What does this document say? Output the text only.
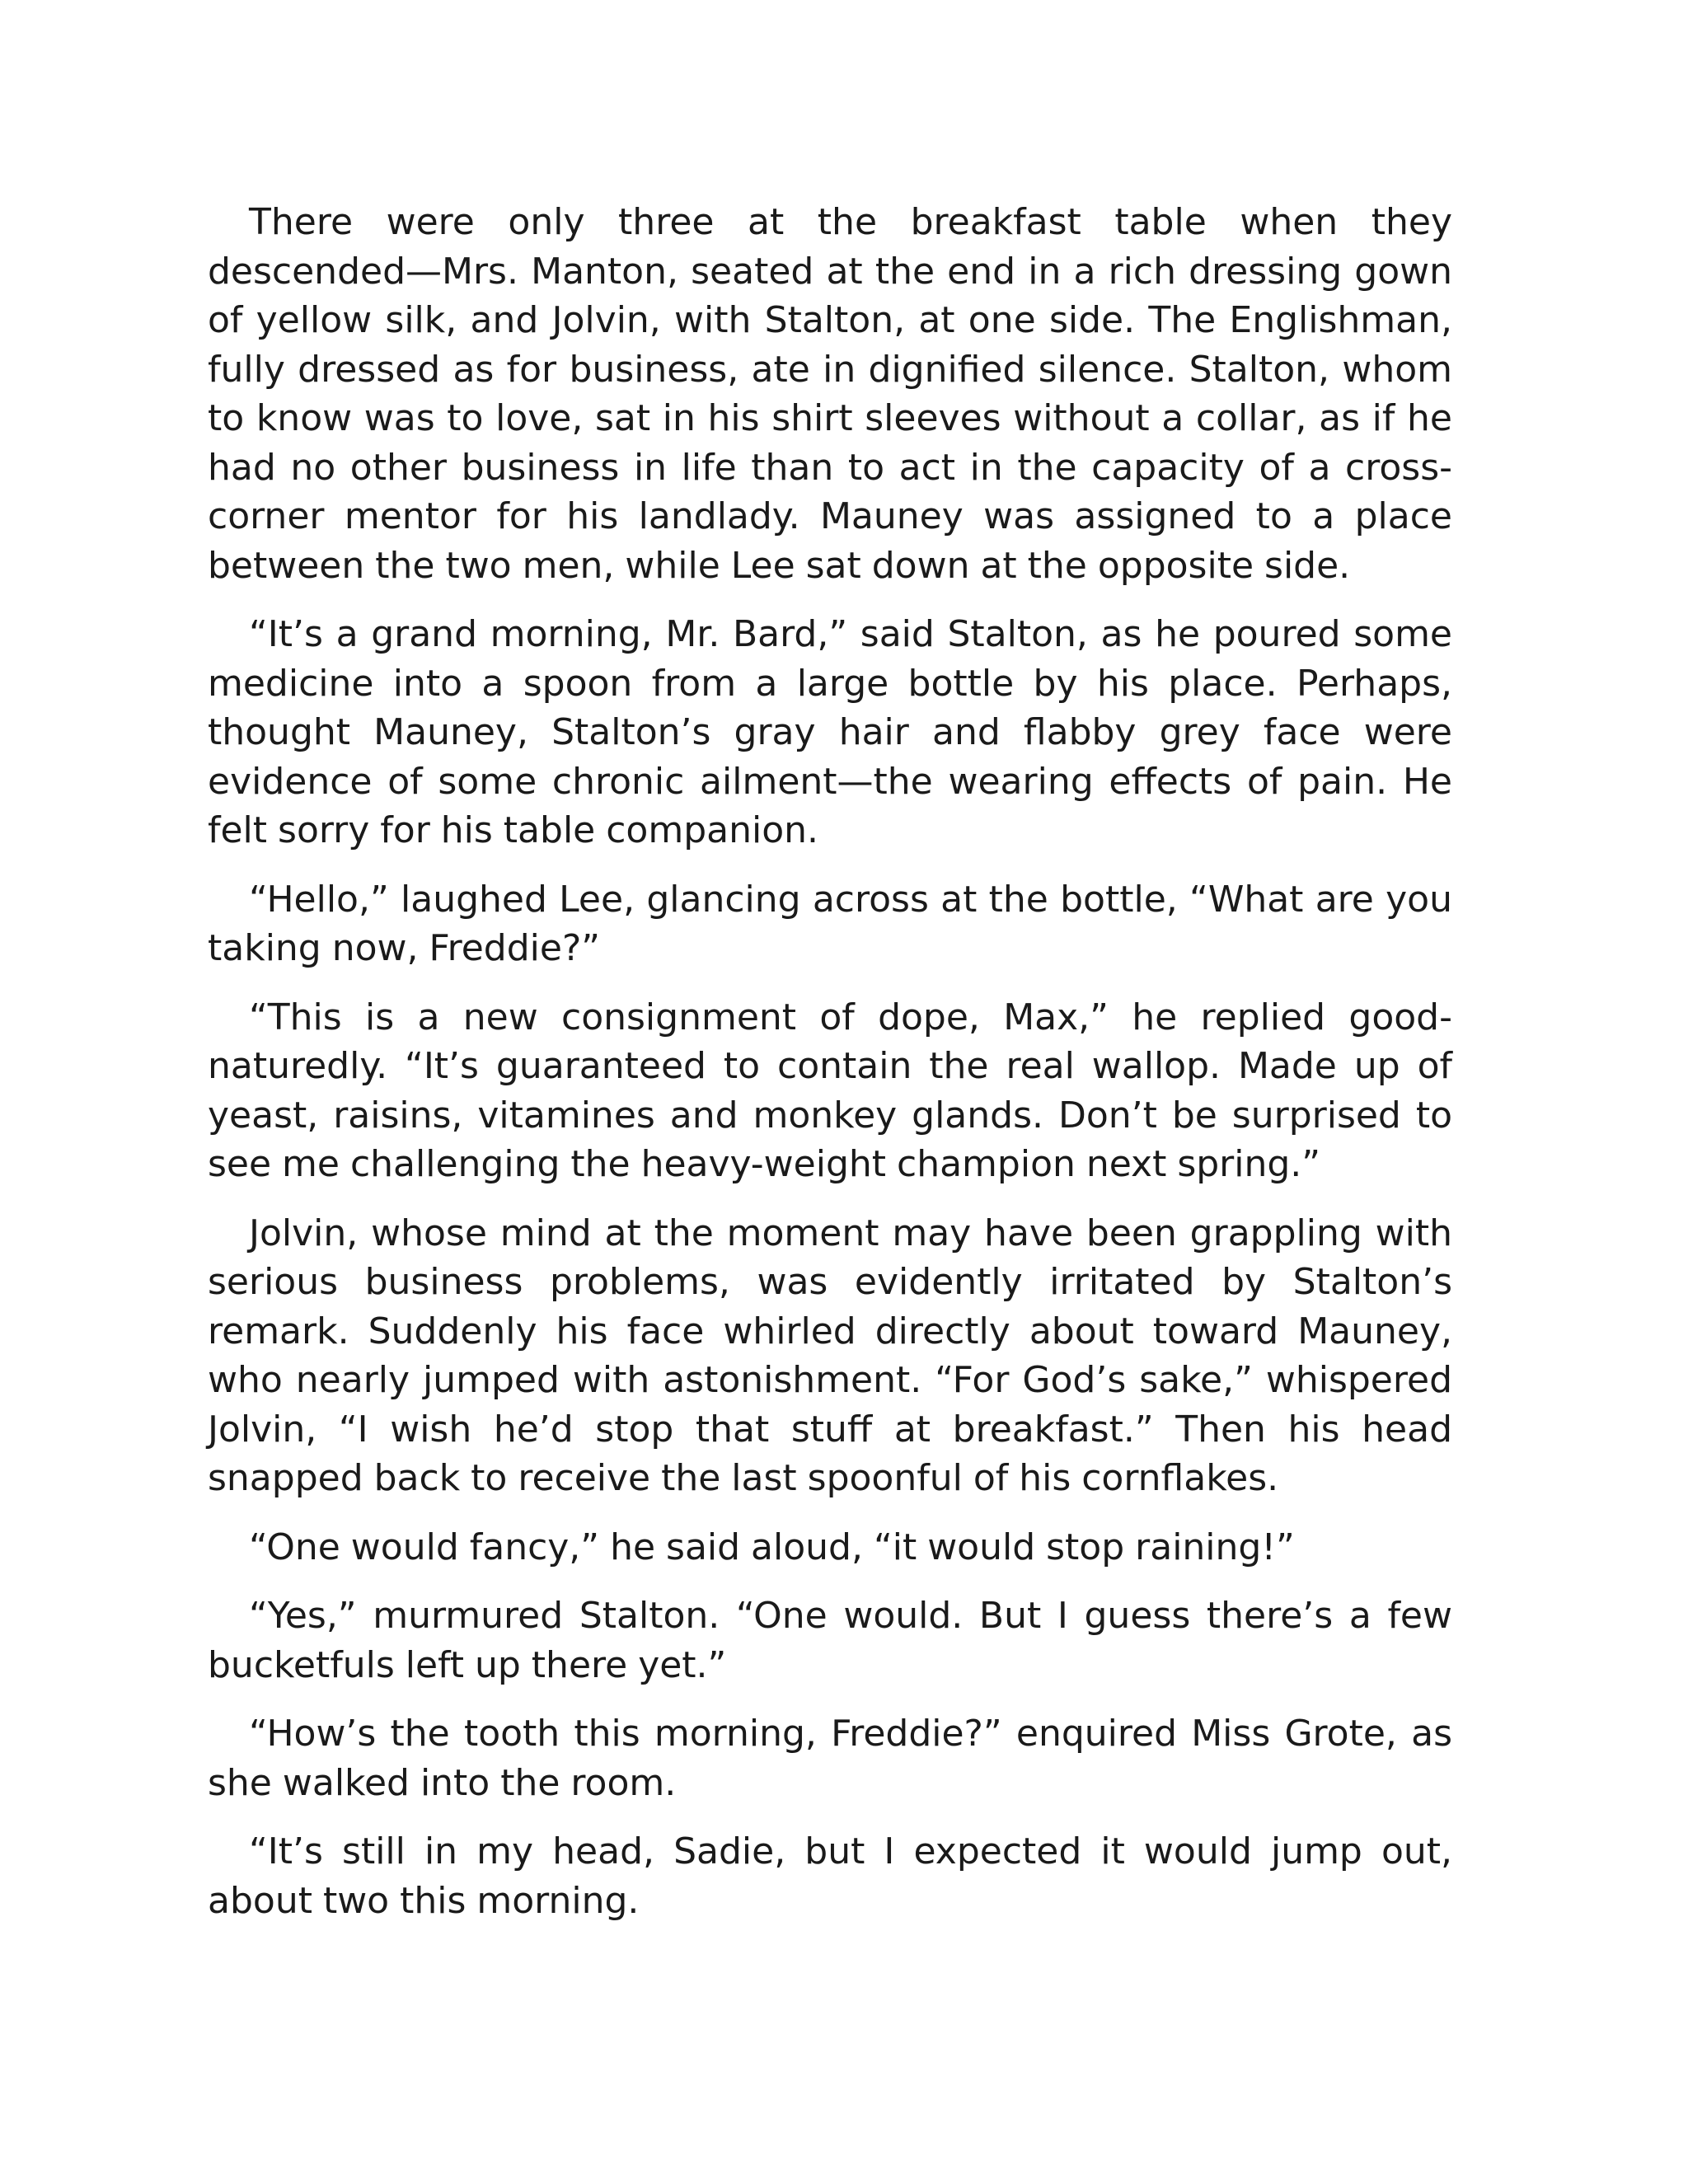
There were only three at the breakfast table when they descended—Mrs. Manton, seated at the end in a rich dressing gown of yellow silk, and Jolvin, with Stalton, at one side. The Englishman, fully dressed as for business, ate in dignified silence. Stalton, whom to know was to love, sat in his shirt sleeves without a collar, as if he had no other business in life than to act in the capacity of a cross-corner mentor for his landlady. Mauney was assigned to a place between the two men, while Lee sat down at the opposite side.

“It’s a grand morning, Mr. Bard,” said Stalton, as he poured some medicine into a spoon from a large bottle by his place. Perhaps, thought Mauney, Stalton’s gray hair and flabby grey face were evidence of some chronic ailment—the wearing effects of pain. He felt sorry for his table companion.

“Hello,” laughed Lee, glancing across at the bottle, “What are you taking now, Freddie?”

“This is a new consignment of dope, Max,” he replied good-naturedly. “It’s guaranteed to contain the real wallop. Made up of yeast, raisins, vitamines and monkey glands. Don’t be surprised to see me challenging the heavy-weight champion next spring.”

Jolvin, whose mind at the moment may have been grappling with serious business problems, was evidently irritated by Stalton’s remark. Suddenly his face whirled directly about toward Mauney, who nearly jumped with astonishment. “For God’s sake,” whispered Jolvin, “I wish he’d stop that stuff at breakfast.” Then his head snapped back to receive the last spoonful of his cornflakes.

“One would fancy,” he said aloud, “it would stop raining!”

“Yes,” murmured Stalton. “One would. But I guess there’s a few bucketfuls left up there yet.”

“How’s the tooth this morning, Freddie?” enquired Miss Grote, as she walked into the room.

“It’s still in my head, Sadie, but I expected it would jump out, about two this morning.
